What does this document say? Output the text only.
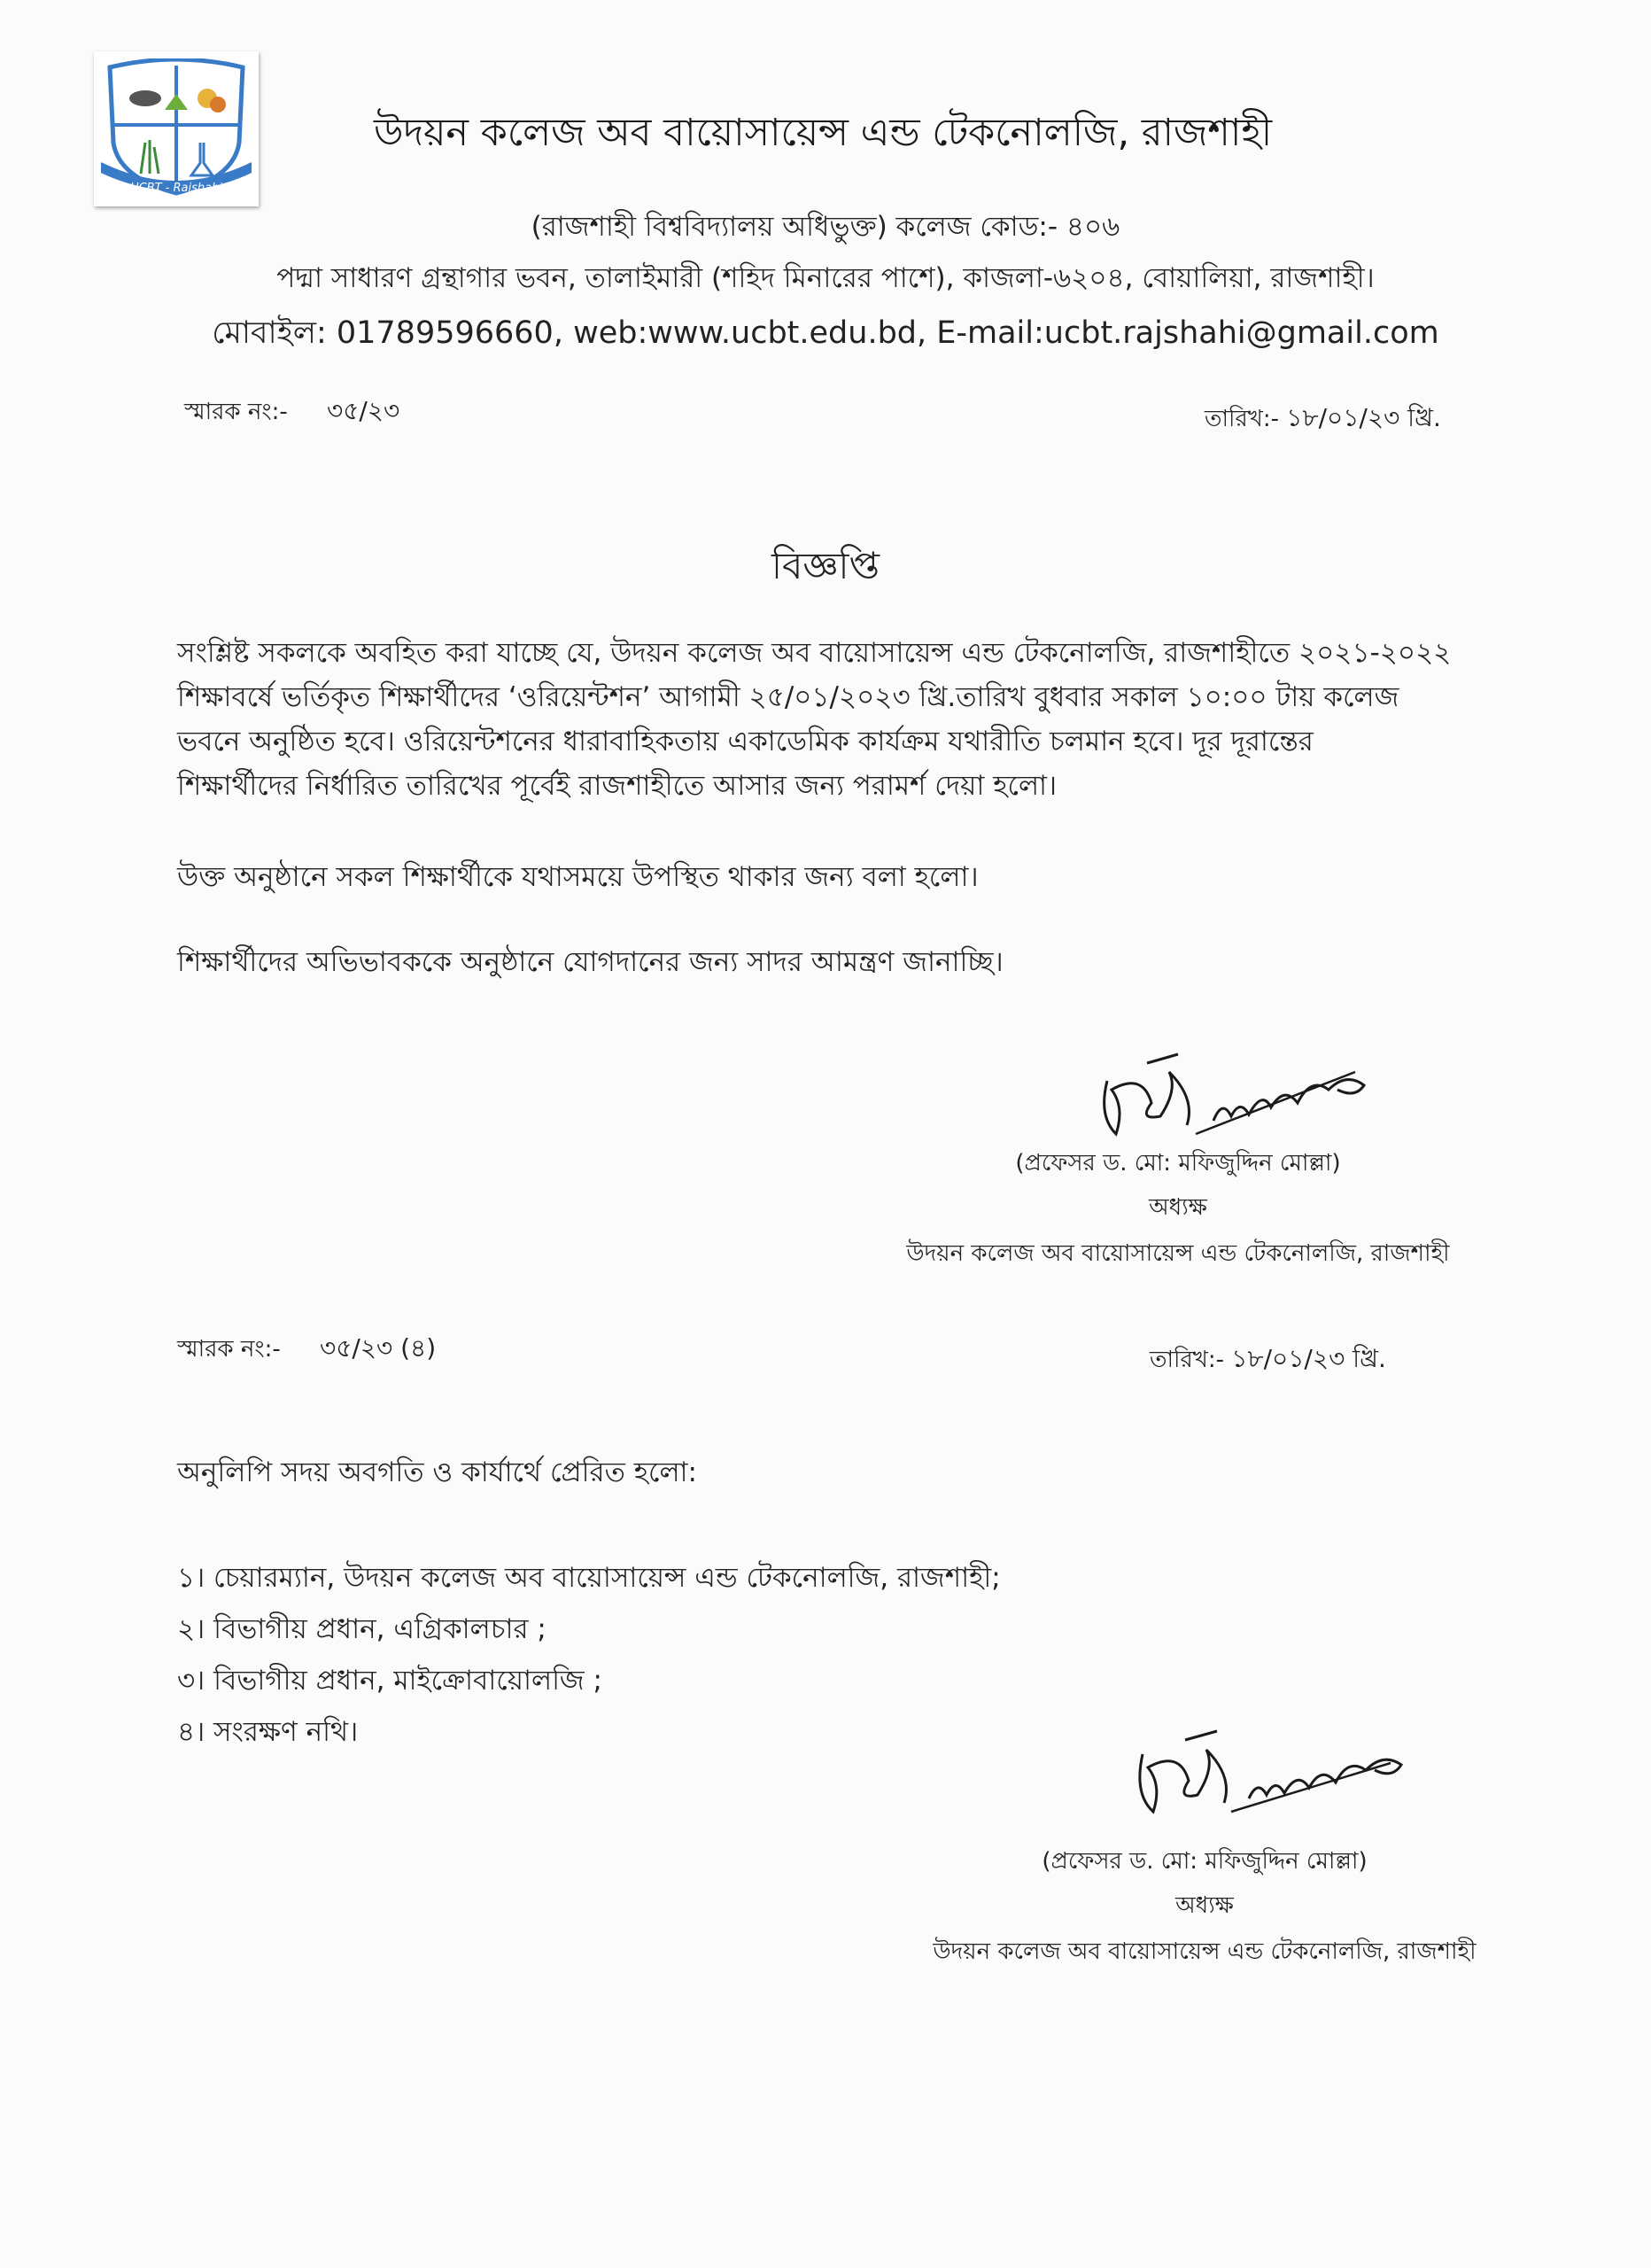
UCBT - Rajshahi
উদয়ন কলেজ অব বায়োসায়েন্স এন্ড টেকনোলজি, রাজশাহী
(রাজশাহী বিশ্ববিদ্যালয় অধিভুক্ত) কলেজ কোড:- ৪০৬
পদ্মা সাধারণ গ্রন্থাগার ভবন, তালাইমারী (শহিদ মিনারের পাশে), কাজলা-৬২০৪, বোয়ালিয়া, রাজশাহী।
মোবাইল: 01789596660, web:www.ucbt.edu.bd, E-mail:ucbt.rajshahi@gmail.com
স্মারক নং:- ৩৫/২৩	তারিখ:- ১৮/০১/২৩ খ্রি.
বিজ্ঞপ্তি
সংশ্লিষ্ট সকলকে অবহিত করা যাচ্ছে যে, উদয়ন কলেজ অব বায়োসায়েন্স এন্ড টেকনোলজি, রাজশাহীতে ২০২১-২০২২
শিক্ষাবর্ষে ভর্তিকৃত শিক্ষার্থীদের ‘ওরিয়েন্টশন’ আগামী ২৫/০১/২০২৩ খ্রি.তারিখ বুধবার সকাল ১০:০০ টায় কলেজ
ভবনে অনুষ্ঠিত হবে। ওরিয়েন্টশনের ধারাবাহিকতায় একাডেমিক কার্যক্রম যথারীতি চলমান হবে। দূর দূরান্তের
শিক্ষার্থীদের নির্ধারিত তারিখের পূর্বেই রাজশাহীতে আসার জন্য পরামর্শ দেয়া হলো।
উক্ত অনুষ্ঠানে সকল শিক্ষার্থীকে যথাসময়ে উপস্থিত থাকার জন্য বলা হলো।
শিক্ষার্থীদের অভিভাবককে অনুষ্ঠানে যোগদানের জন্য সাদর আমন্ত্রণ জানাচ্ছি।
(প্রফেসর ড. মো: মফিজুদ্দিন মোল্লা)
অধ্যক্ষ
উদয়ন কলেজ অব বায়োসায়েন্স এন্ড টেকনোলজি, রাজশাহী
স্মারক নং:- ৩৫/২৩ (৪)	তারিখ:- ১৮/০১/২৩ খ্রি.
অনুলিপি সদয় অবগতি ও কার্যার্থে প্রেরিত হলো:
১। চেয়ারম্যান, উদয়ন কলেজ অব বায়োসায়েন্স এন্ড টেকনোলজি, রাজশাহী;
২। বিভাগীয় প্রধান, এগ্রিকালচার ;
৩। বিভাগীয় প্রধান, মাইক্রোবায়োলজি ;
৪। সংরক্ষণ নথি।
(প্রফেসর ড. মো: মফিজুদ্দিন মোল্লা)
অধ্যক্ষ
উদয়ন কলেজ অব বায়োসায়েন্স এন্ড টেকনোলজি, রাজশাহী
